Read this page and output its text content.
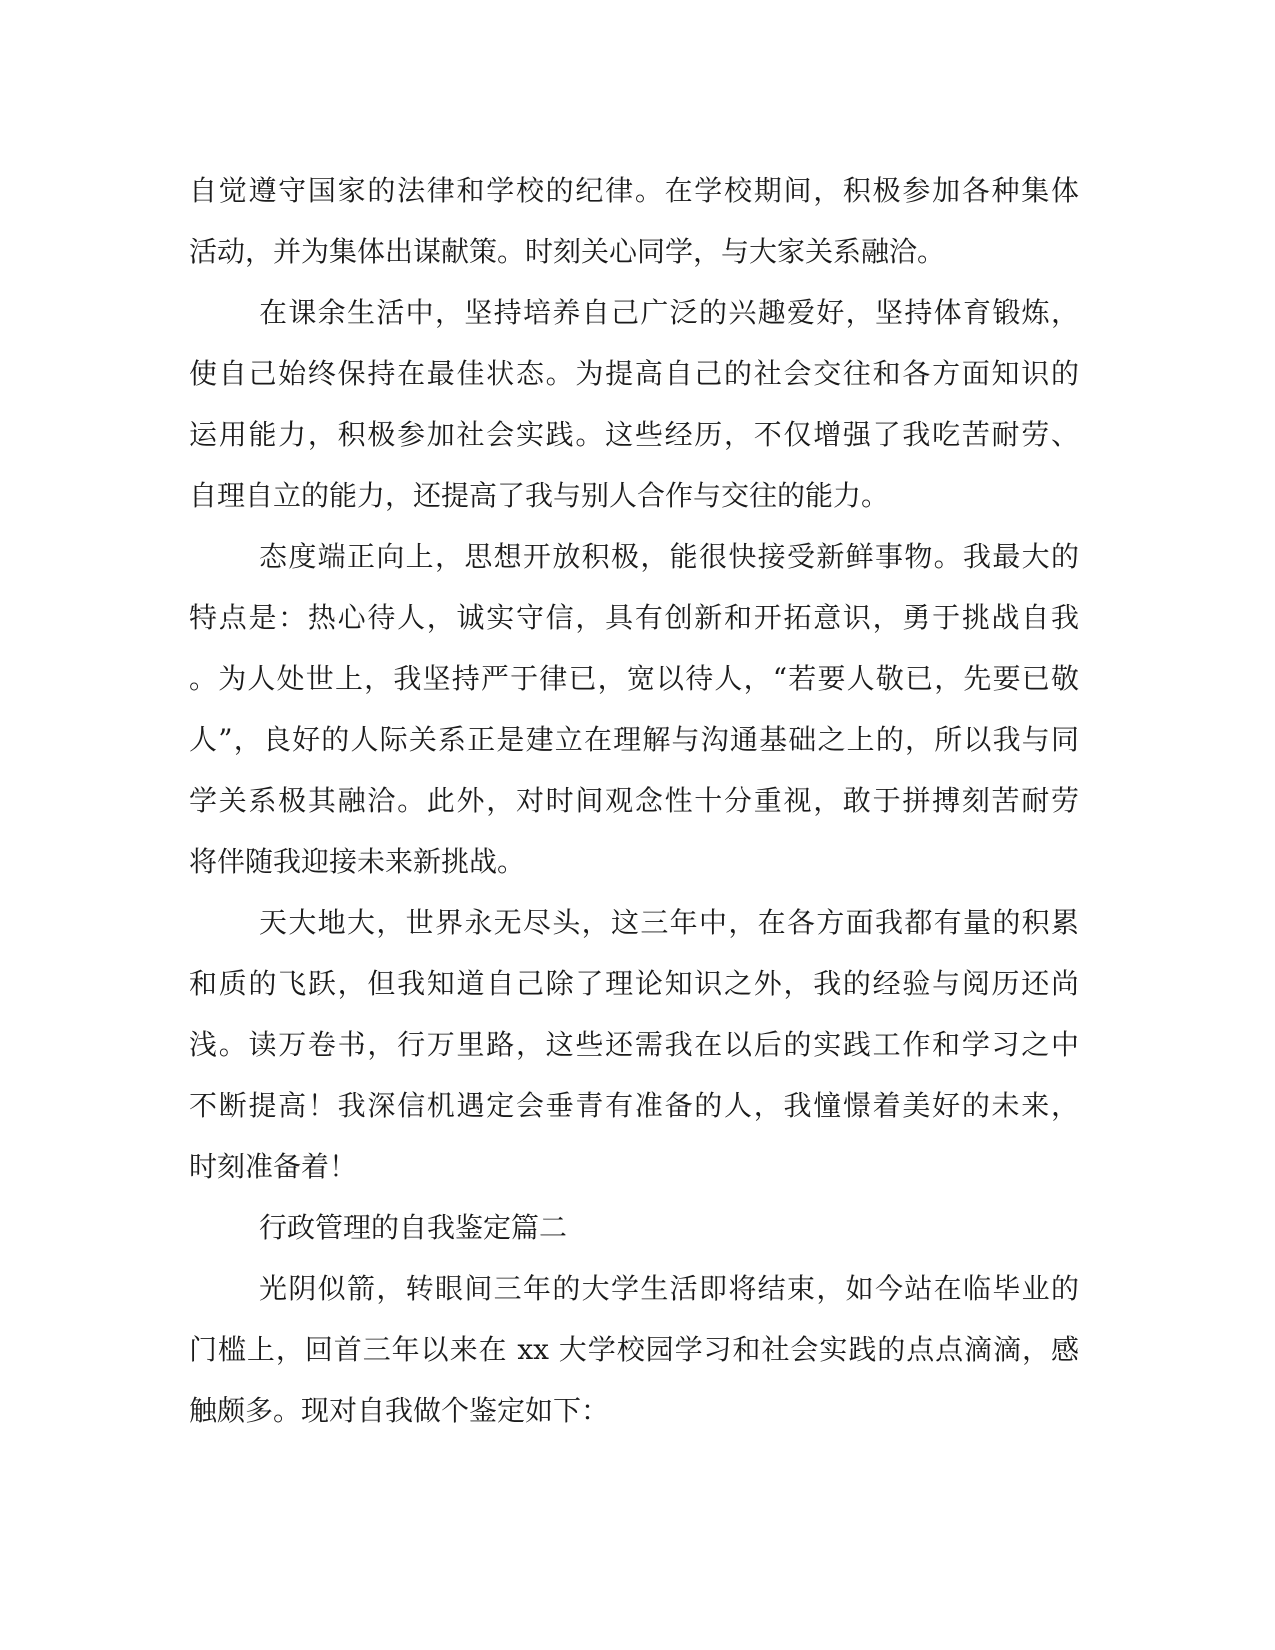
自觉遵守国家的法律和学校的纪律。在学校期间，积极参加各种集体
活动，并为集体出谋献策。时刻关心同学，与大家关系融洽。
在课余生活中，坚持培养自己广泛的兴趣爱好，坚持体育锻炼，
使自己始终保持在最佳状态。为提高自己的社会交往和各方面知识的
运用能力，积极参加社会实践。这些经历，不仅增强了我吃苦耐劳、
自理自立的能力，还提高了我与别人合作与交往的能力。
态度端正向上，思想开放积极，能很快接受新鲜事物。我最大的
特点是：热心待人，诚实守信，具有创新和开拓意识，勇于挑战自我
。为人处世上，我坚持严于律已，宽以待人，“若要人敬已，先要已敬
人”，良好的人际关系正是建立在理解与沟通基础之上的，所以我与同
学关系极其融洽。此外，对时间观念性十分重视，敢于拼搏刻苦耐劳
将伴随我迎接未来新挑战。
天大地大，世界永无尽头，这三年中，在各方面我都有量的积累
和质的飞跃，但我知道自己除了理论知识之外，我的经验与阅历还尚
浅。读万卷书，行万里路，这些还需我在以后的实践工作和学习之中
不断提高！我深信机遇定会垂青有准备的人，我憧憬着美好的未来，
时刻准备着！
行政管理的自我鉴定篇二
光阴似箭，转眼间三年的大学生活即将结束，如今站在临毕业的
门槛上，回首三年以来在 xx 大学校园学习和社会实践的点点滴滴，感
触颇多。现对自我做个鉴定如下：
